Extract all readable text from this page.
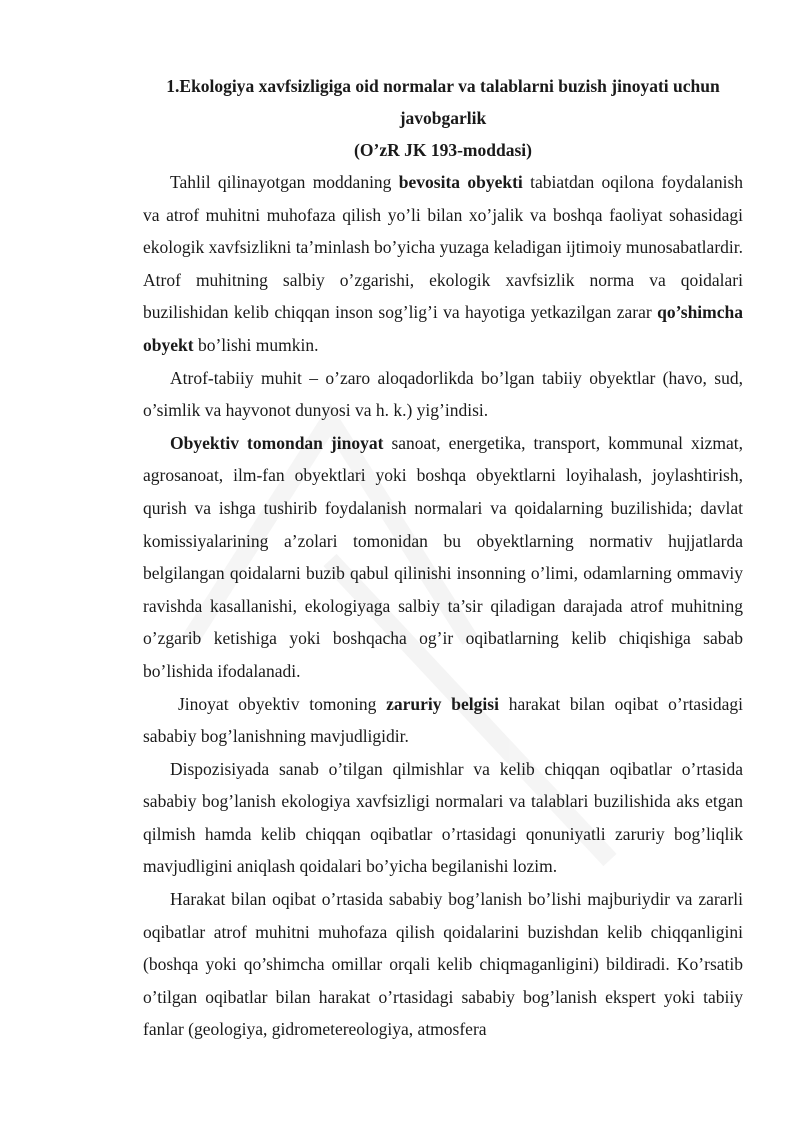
1.Ekologiya xavfsizligiga oid normalar va talablarni buzish jinoyati uchun javobgarlik
(O’zR JK 193-moddasi)

Tahlil qilinayotgan moddaning bevosita obyekti tabiatdan oqilona foydalanish va atrof muhitni muhofaza qilish yo’li bilan xo’jalik va boshqa faoliyat sohasidagi ekologik xavfsizlikni ta’minlash bo’yicha yuzaga keladigan ijtimoiy munosabatlardir. Atrof muhitning salbiy o’zgarishi, ekologik xavfsizlik norma va qoidalari buzilishidan kelib chiqqan inson sog’lig’i va hayotiga yetkazilgan zarar qo’shimcha obyekt bo’lishi mumkin.

Atrof-tabiiy muhit – o’zaro aloqadorlikda bo’lgan tabiiy obyektlar (havo, sud, o’simlik va hayvonot dunyosi va h. k.) yig’indisi.

Obyektiv tomondan jinoyat sanoat, energetika, transport, kommunal xizmat, agrosanoat, ilm-fan obyektlari yoki boshqa obyektlarni loyihalash, joylashtirish, qurish va ishga tushirib foydalanish normalari va qoidalarning buzilishida; davlat komissiyalarining a’zolari tomonidan bu obyektlarning normativ hujjatlarda belgilangan qoidalarni buzib qabul qilinishi insonning o’limi, odamlarning ommaviy ravishda kasallanishi, ekologiyaga salbiy ta’sir qiladigan darajada atrof muhitning o’zgarib ketishiga yoki boshqacha og’ir oqibatlarning kelib chiqishiga sabab bo’lishida ifodalanadi.

Jinoyat obyektiv tomoning zaruriy belgisi harakat bilan oqibat o’rtasidagi sababiy bog’lanishning mavjudligidir.

Dispozisiyada sanab o’tilgan qilmishlar va kelib chiqqan oqibatlar o’rtasida sababiy bog’lanish ekologiya xavfsizligi normalari va talablari buzilishida aks etgan qilmish hamda kelib chiqqan oqibatlar o’rtasidagi qonuniyatli zaruriy bog’liqlik mavjudligini aniqlash qoidalari bo’yicha begilanishi lozim.

Harakat bilan oqibat o’rtasida sababiy bog’lanish bo’lishi majburiydir va zararli oqibatlar atrof muhitni muhofaza qilish qoidalarini buzishdan kelib chiqqanligini (boshqa yoki qo’shimcha omillar orqali kelib chiqmaganligini) bildiradi. Ko’rsatib o’tilgan oqibatlar bilan harakat o’rtasidagi sababiy bog’lanish ekspert yoki tabiiy fanlar (geologiya, gidrometereologiya, atmosfera
